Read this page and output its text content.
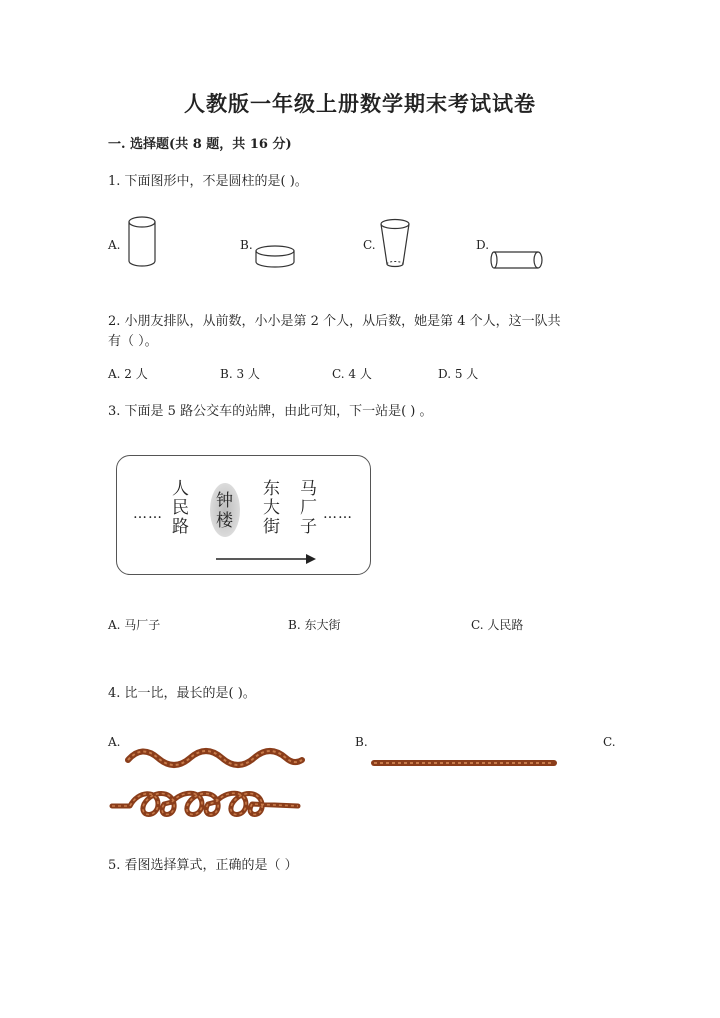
人教版一年级上册数学期末考试试卷
一. 选择题(共 8 题，共 16 分)
1. 下面图形中，不是圆柱的是( )。
A.	B.	C.	D.
2. 小朋友排队，从前数，小小是第 2 个人，从后数，她是第 4 个人，这一队共
有（ ）。
A. 2 人	B. 3 人	C. 4 人	D. 5 人
3. 下面是 5 路公交车的站牌，由此可知，下一站是( ) 。
……	……
人
民
路
钟
楼
东
大
街
马
厂
子
A. 马厂子	B. 东大街	C. 人民路
4. 比一比，最长的是( )。
A.	B.	C.
5. 看图选择算式，正确的是（ ）
